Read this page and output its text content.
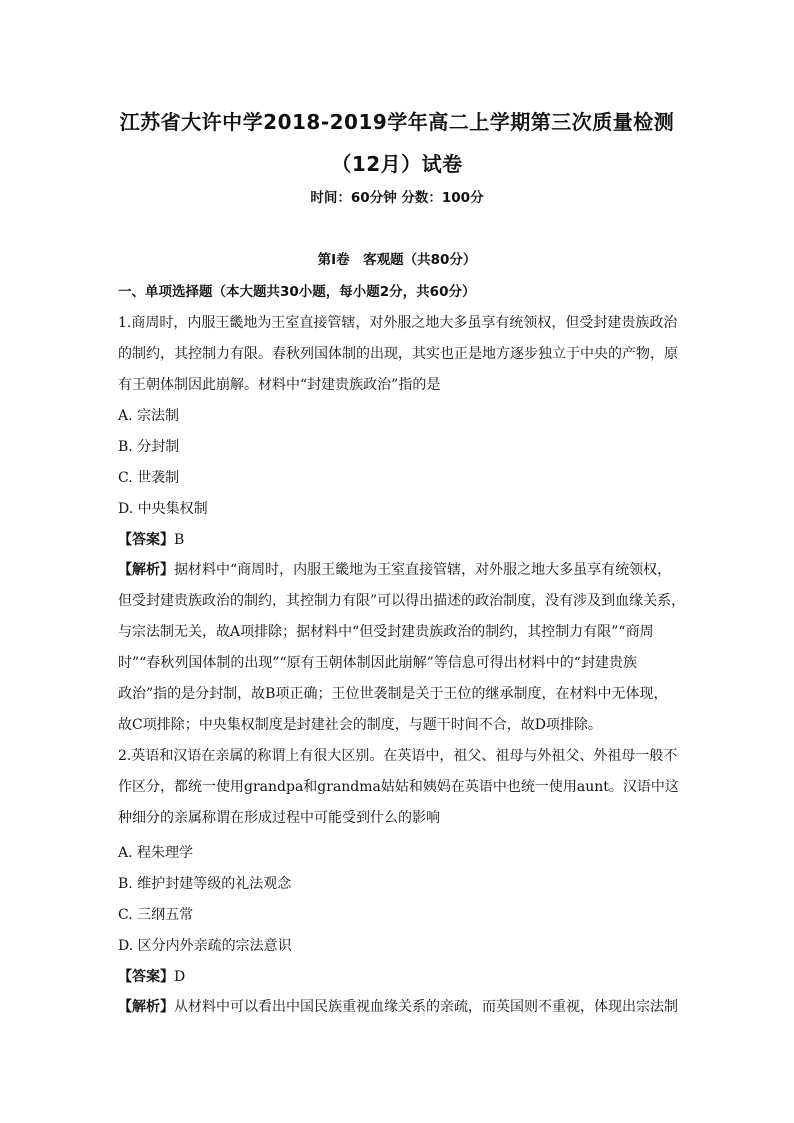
江苏省大许中学2018-2019学年高二上学期第三次质量检测
（12月）试卷
时间：60分钟 分数：100分
第Ⅰ卷　客观题（共80分）
一、单项选择题（本大题共30小题，每小题2分，共60分）
1.商周时，内服王畿地为王室直接管辖，对外服之地大多虽享有统领权，但受封建贵族政治
的制约，其控制力有限。春秋列国体制的出现，其实也正是地方逐步独立于中央的产物，原
有王朝体制因此崩解。材料中“封建贵族政治”指的是
A. 宗法制
B. 分封制
C. 世袭制
D. 中央集权制
【答案】B
【解析】据材料中“商周时，内服王畿地为王室直接管辖，对外服之地大多虽享有统领权，
但受封建贵族政治的制约，其控制力有限”可以得出描述的政治制度，没有涉及到血缘关系，
与宗法制无关，故A项排除；据材料中“但受封建贵族政治的制约，其控制力有限”“商周
时”“春秋列国体制的出现”“原有王朝体制因此崩解”等信息可得出材料中的“封建贵族
政治”指的是分封制，故B项正确；王位世袭制是关于王位的继承制度，在材料中无体现，
故C项排除；中央集权制度是封建社会的制度，与题干时间不合，故D项排除。
2.英语和汉语在亲属的称谓上有很大区别。在英语中，祖父、祖母与外祖父、外祖母一般不
作区分，都统一使用grandpa和grandma姑姑和姨妈在英语中也统一使用aunt。汉语中这
种细分的亲属称谓在形成过程中可能受到什么的影响
A. 程朱理学
B. 维护封建等级的礼法观念
C. 三纲五常
D. 区分内外亲疏的宗法意识
【答案】D
【解析】从材料中可以看出中国民族重视血缘关系的亲疏，而英国则不重视，体现出宗法制
